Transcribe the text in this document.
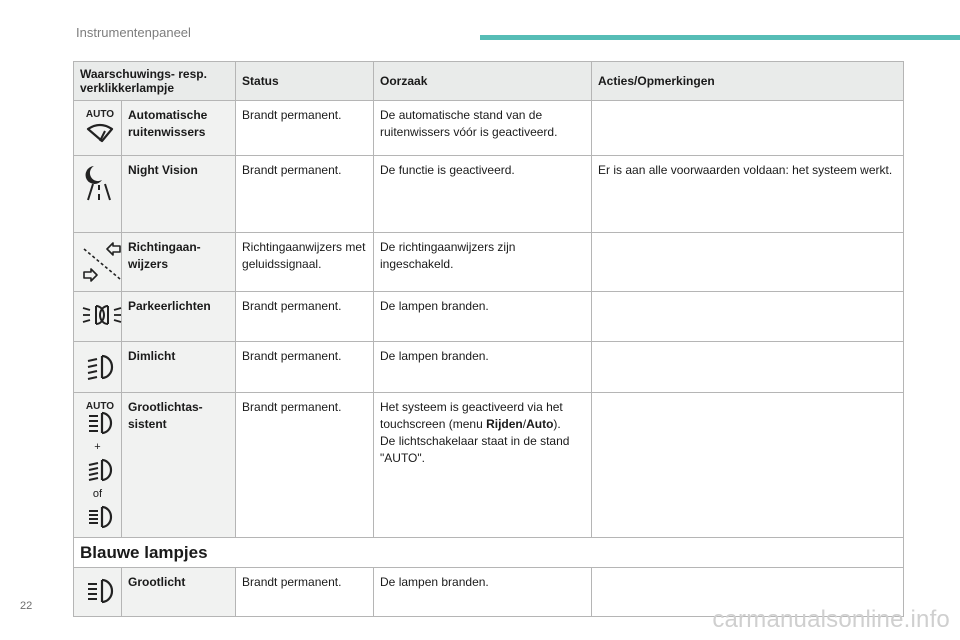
Instrumentenpaneel
Waarschuwings- resp. verklikkerlampje		Status	Oorzaak	Acties/Opmerkingen

AUTO	Automatische ruitenwissers	Brandt permanent.	De automatische stand van de ruitenwissers vóór is geactiveerd.	

	Night Vision	Brandt permanent.	De functie is geactiveerd.	Er is aan alle voorwaarden voldaan: het systeem werkt.

	Richtingaan-wijzers	Richtingaanwijzers met geluidssignaal.	De richtingaanwijzers zijn ingeschakeld.	

	Parkeerlichten	Brandt permanent.	De lampen branden.	

	Dimlicht	Brandt permanent.	De lampen branden.	

AUTO
+
of	Grootlichtas-sistent	Brandt permanent.	Het systeem is geactiveerd via het touchscreen (menu Rijden/Auto).
De lichtschakelaar staat in de stand "AUTO".	
Blauwe lampjes				

	Grootlicht	Brandt permanent.	De lampen branden.	
22	carmanualsonline.info
